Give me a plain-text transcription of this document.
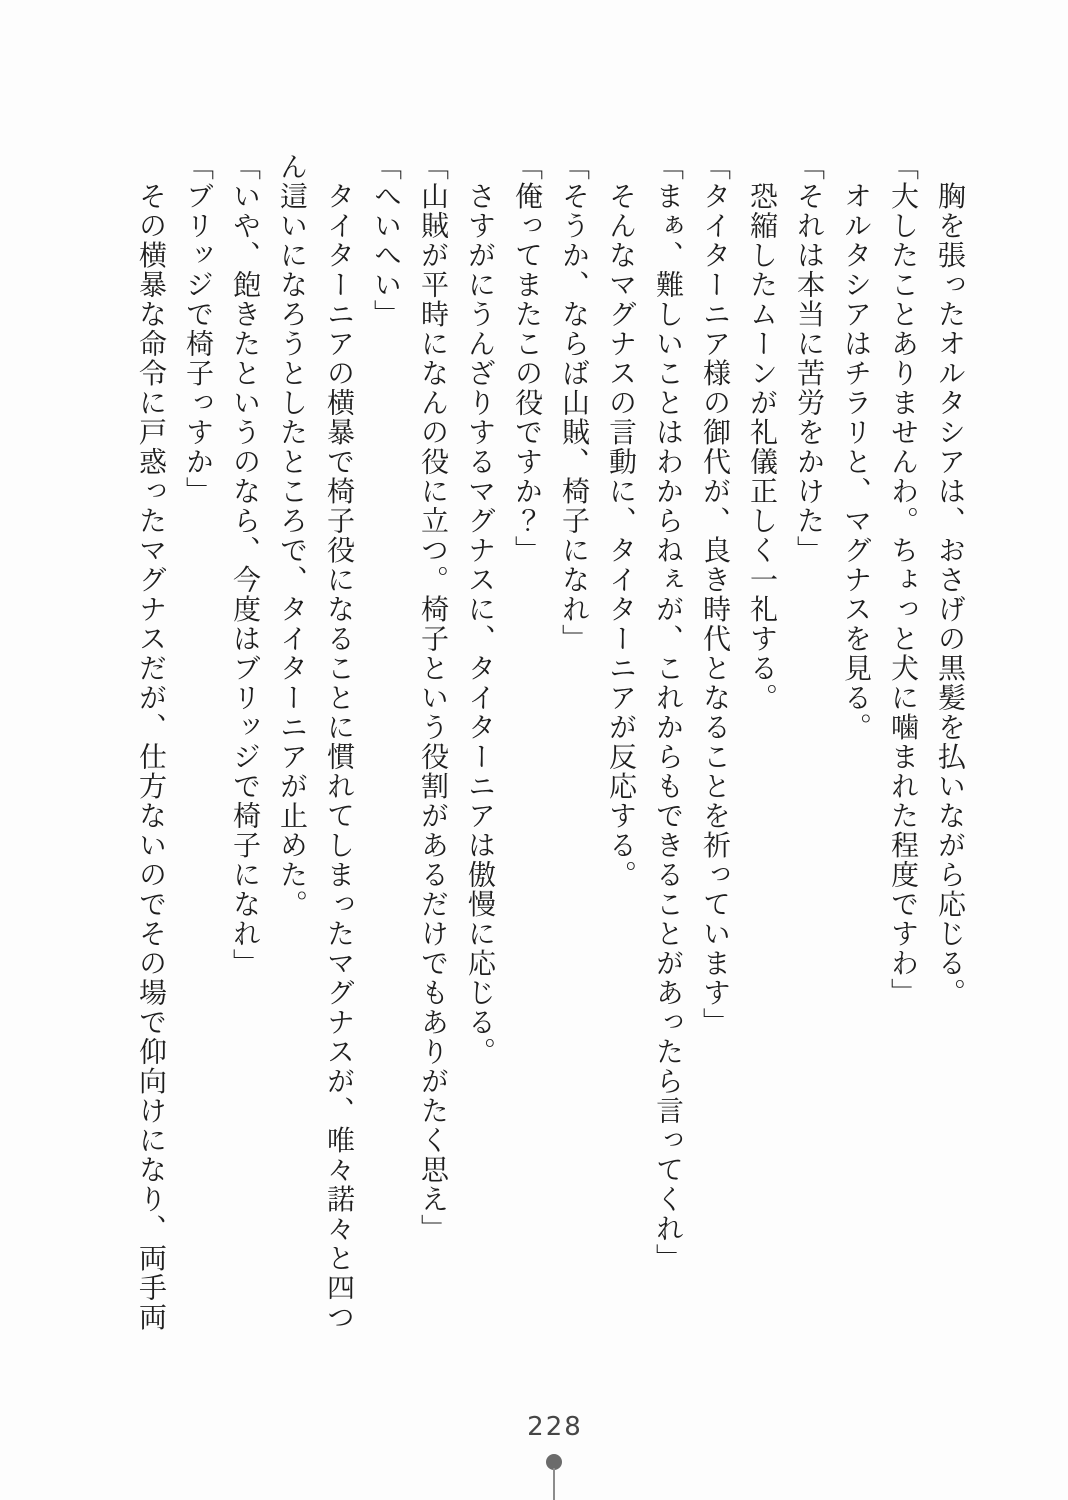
　胸を張ったオルタシアは、おさげの黒髪を払いながら応じる。

「大したことありませんわ。ちょっと犬に噛まれた程度ですわ」

　オルタシアはチラリと、マグナスを見る。

「それは本当に苦労をかけた」

　恐縮したムーンが礼儀正しく一礼する。

「タイターニア様の御代が、良き時代となることを祈っています」

「まぁ、難しいことはわからねぇが、これからもできることがあったら言ってくれ」

　そんなマグナスの言動に、タイターニアが反応する。

「そうか、ならば山賊、椅子になれ」

「俺ってまたこの役ですか？」

　さすがにうんざりするマグナスに、タイターニアは傲慢に応じる。

「山賊が平時になんの役に立つ。椅子という役割があるだけでもありがたく思え」

「へいへい」

　タイターニアの横暴で椅子役になることに慣れてしまったマグナスが、唯々諾々と四つ

ん這いになろうとしたところで、タイターニアが止めた。

「いや、飽きたというのなら、今度はブリッジで椅子になれ」

「ブリッジで椅子っすか」

　その横暴な命令に戸惑ったマグナスだが、仕方ないのでその場で仰向けになり、両手両

228
